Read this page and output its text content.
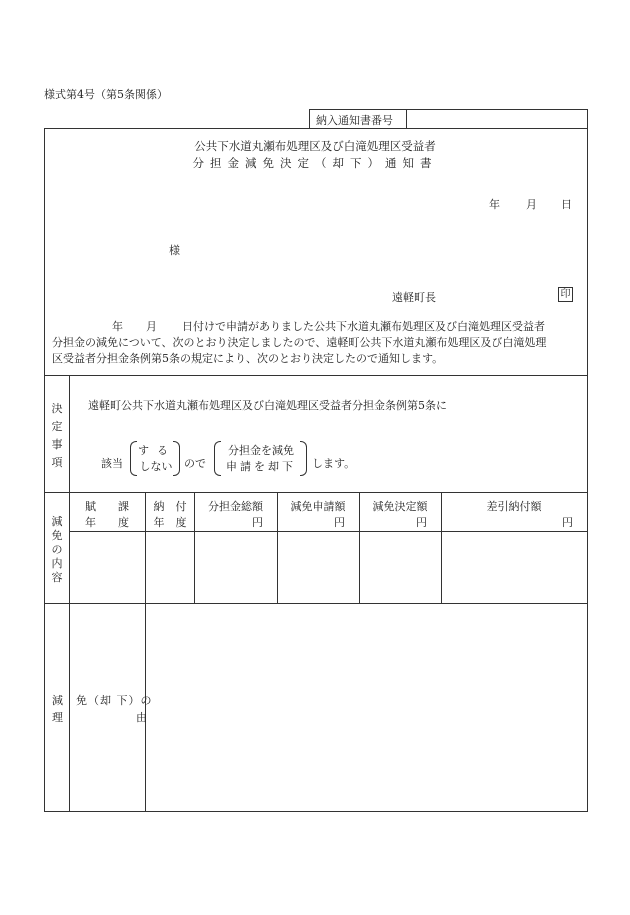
様式第4号（第5条関係）
納入通知書番号
公共下水道丸瀬布処理区及び白滝処理区受益者
分担金減免決定（却下）通知書
年 月 日
様
遠軽町長	印
年 月 日付けで申請がありました公共下水道丸瀬布処理区及び白滝処理区受益者
分担金の減免について、次のとおり決定しましたので、遠軽町公共下水道丸瀬布処理区及び白滝処理
区受益者分担金条例第5条の規定により、次のとおり決定したので通知します。
決定事項
遠軽町公共下水道丸瀬布処理区及び白滝処理区受益者分担金条例第5条に
該当
する
しない ので
分担金を減免
申請を却下	します。
減免の内容
賦　　課
年　　度
納　付
年　度
分担金総額
円
減免申請額
円
減免決定額
円
差引納付額
円
減　免（却 下）の
理　　　　　　由
